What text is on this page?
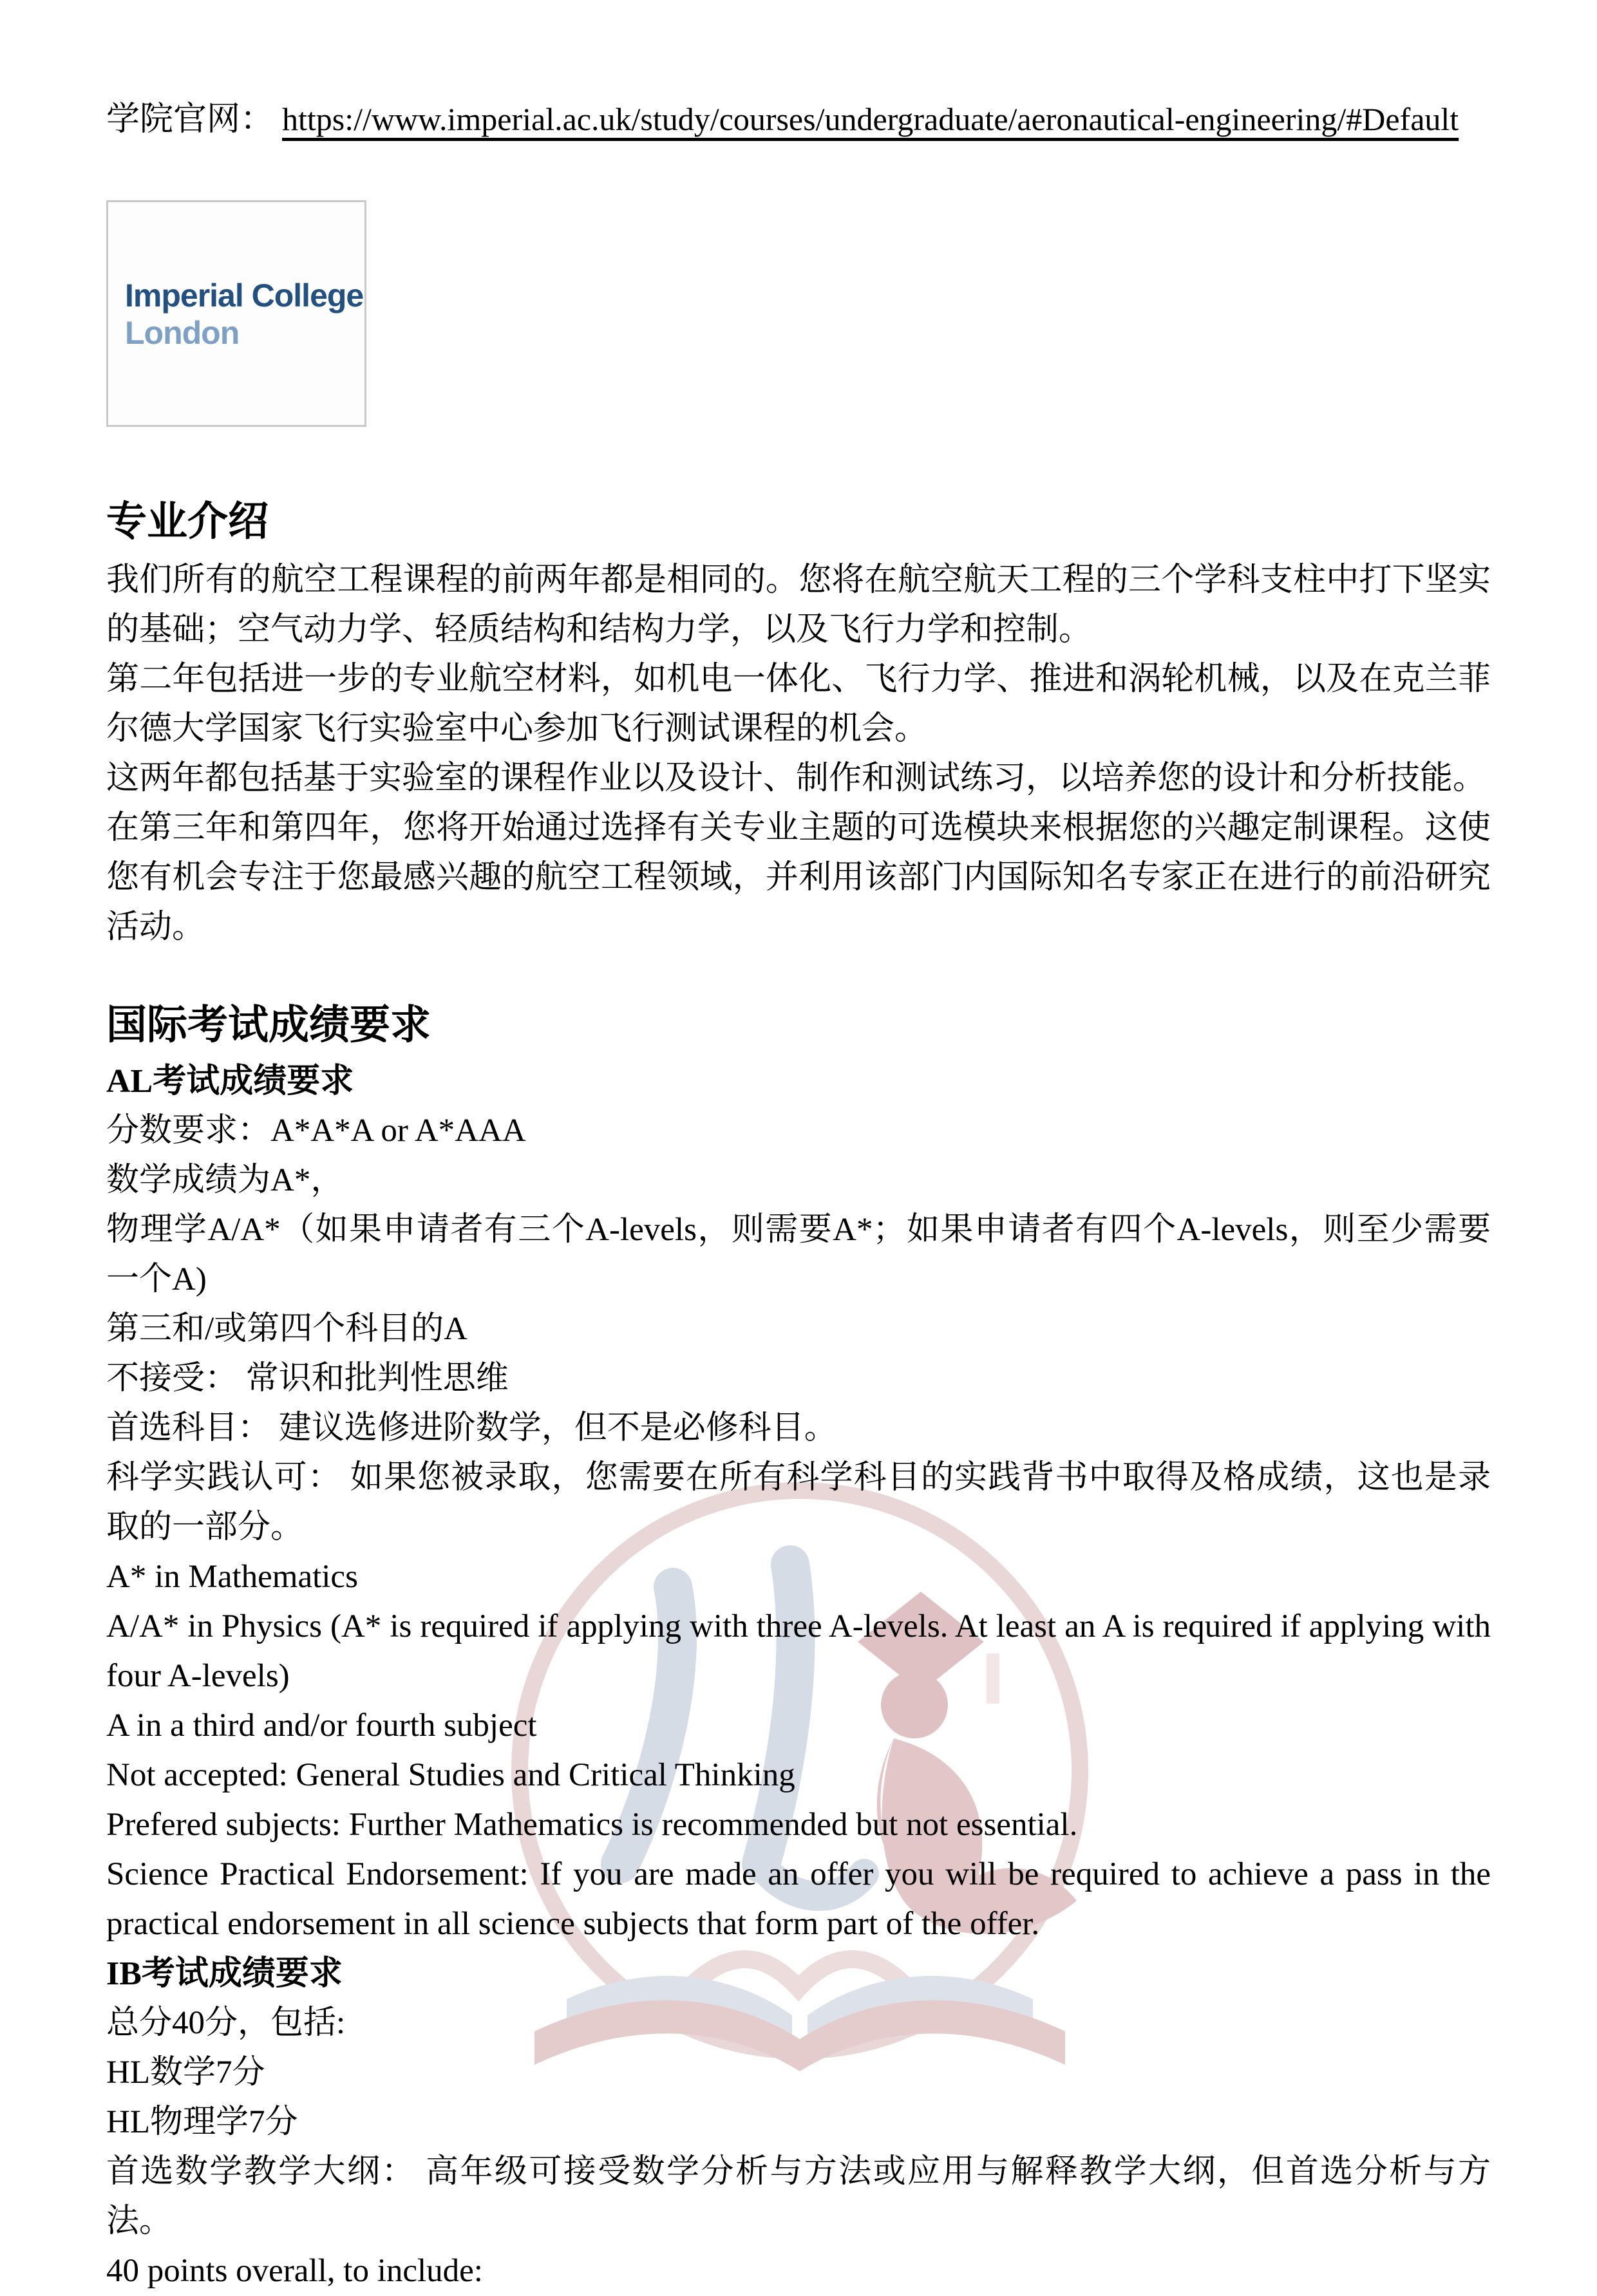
学院官网： https://www.imperial.ac.uk/study/courses/undergraduate/aeronautical-engineering/#Default
Imperial College
London
专业介绍

我们所有的航空工程课程的前两年都是相同的。您将在航空航天工程的三个学科支柱中打下坚实的基础；空气动力学、轻质结构和结构力学，以及飞行力学和控制。

第二年包括进一步的专业航空材料，如机电一体化、飞行力学、推进和涡轮机械，以及在克兰菲尔德大学国家飞行实验室中心参加飞行测试课程的机会。

这两年都包括基于实验室的课程作业以及设计、制作和测试练习，以培养您的设计和分析技能。

在第三年和第四年，您将开始通过选择有关专业主题的可选模块来根据您的兴趣定制课程。这使您有机会专注于您最感兴趣的航空工程领域，并利用该部门内国际知名专家正在进行的前沿研究活动。

国际考试成绩要求
AL考试成绩要求
分数要求：A*A*A or A*AAA
数学成绩为A*，
物理学A/A*（如果申请者有三个A-levels，则需要A*；如果申请者有四个A-levels，则至少需要一个A)
第三和/或第四个科目的A
不接受： 常识和批判性思维
首选科目： 建议选修进阶数学，但不是必修科目。
科学实践认可： 如果您被录取，您需要在所有科学科目的实践背书中取得及格成绩，这也是录取的一部分。
A* in Mathematics
A/A* in Physics (A* is required if applying with three A-levels. At least an A is required if applying with four A-levels)
A in a third and/or fourth subject
Not accepted: General Studies and Critical Thinking
Prefered subjects: Further Mathematics is recommended but not essential.
Science Practical Endorsement: If you are made an offer you will be required to achieve a pass in the practical endorsement in all science subjects that form part of the offer.
IB考试成绩要求
总分40分，包括:
HL数学7分
HL物理学7分
首选数学教学大纲： 高年级可接受数学分析与方法或应用与解释教学大纲，但首选分析与方法。
40 points overall, to include:
